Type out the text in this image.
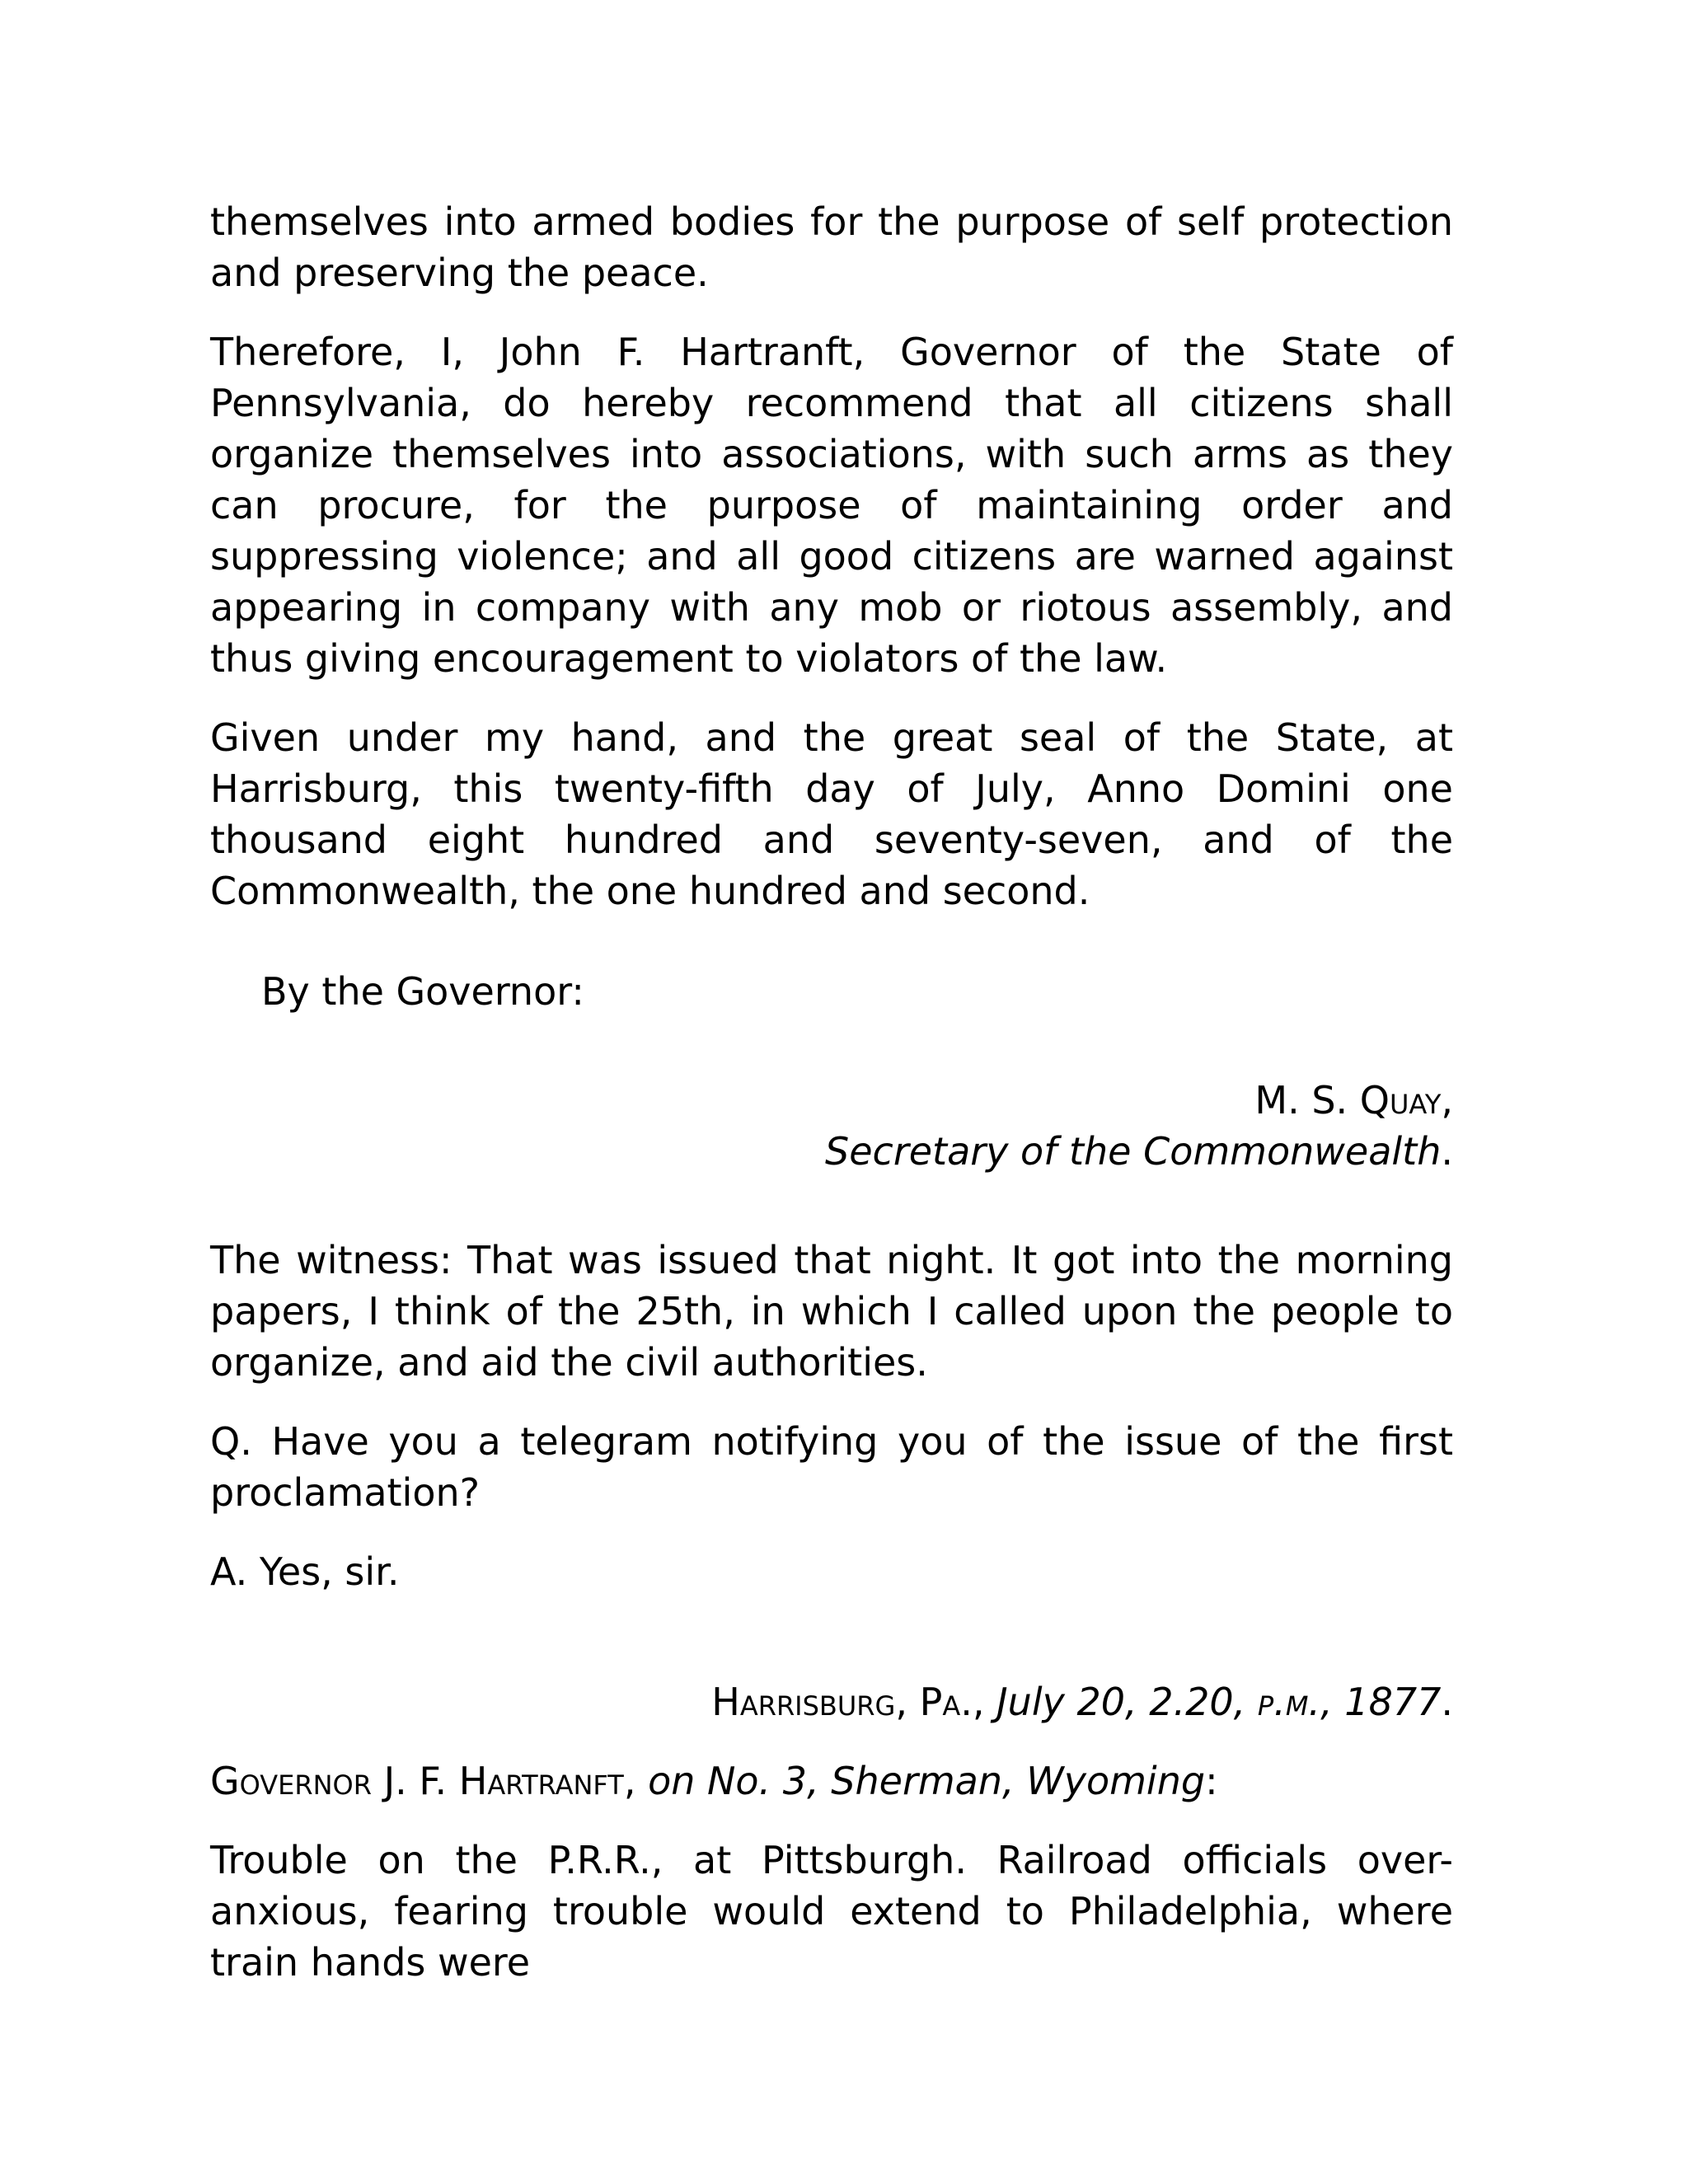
themselves into armed bodies for the purpose of self protection and preserving the peace.

Therefore, I, John F. Hartranft, Governor of the State of Pennsylvania, do hereby recommend that all citizens shall organize themselves into associations, with such arms as they can procure, for the purpose of maintaining order and suppressing violence; and all good citizens are warned against appearing in company with any mob or riotous assembly, and thus giving encouragement to violators of the law.

Given under my hand, and the great seal of the State, at Harrisburg, this twenty-fifth day of July, Anno Domini one thousand eight hundred and seventy-seven, and of the Commonwealth, the one hundred and second.

By the Governor:
M. S. Quay,
Secretary of the Commonwealth.

The witness: That was issued that night. It got into the morning papers, I think of the 25th, in which I called upon the people to organize, and aid the civil authorities.

Q. Have you a telegram notifying you of the issue of the first proclamation?

A. Yes, sir.

Harrisburg, Pa., July 20, 2.20, p.m., 1877.

Governor J. F. Hartranft, on No. 3, Sherman, Wyoming:

Trouble on the P.R.R., at Pittsburgh. Railroad officials over-anxious, fearing trouble would extend to Philadelphia, where train hands were
